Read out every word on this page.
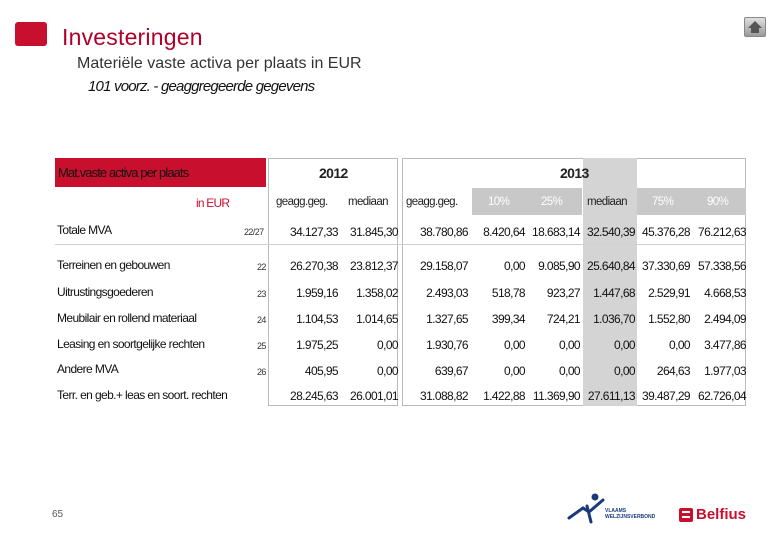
Investeringen
Materiële vaste activa per plaats in EUR
101 voorz. - geaggregeerde gegevens
Mat.vaste activa per plaats
in EUR
2012	2013
geagg.geg. mediaan geagg.geg.	10%	25% mediaan 75%	90%
Totale MVA	22/27	34.127,33	31.845,30	38.780,86	8.420,64 18.683,14 32.540,39 45.376,28 76.212,63
Terreinen en gebouwen	22	26.270,38	23.812,37	29.158,07	0,00	9.085,90 25.640,84 37.330,69 57.338,56
Uitrustingsgoederen	23	1.959,16	1.358,02	2.493,03	518,78	923,27	1.447,68	2.529,91	4.668,53
Meubilair en rollend materiaal	24	1.104,53	1.014,65	1.327,65	399,34	724,21	1.036,70	1.552,80	2.494,09
Leasing en soortgelijke rechten	25	1.975,25	0,00	1.930,76	0,00	0,00	0,00	0,00	3.477,86
Andere MVA	26	405,95	0,00	639,67	0,00	0,00	0,00	264,63	1.977,03
Terr. en geb.+ leas en soort. rechten	28.245,63	26.001,01	31.088,82	1.422,88 11.369,90 27.611,13 39.487,29 62.726,04
65	VLAAMS
WELZIJNSVERBOND	Belfius
